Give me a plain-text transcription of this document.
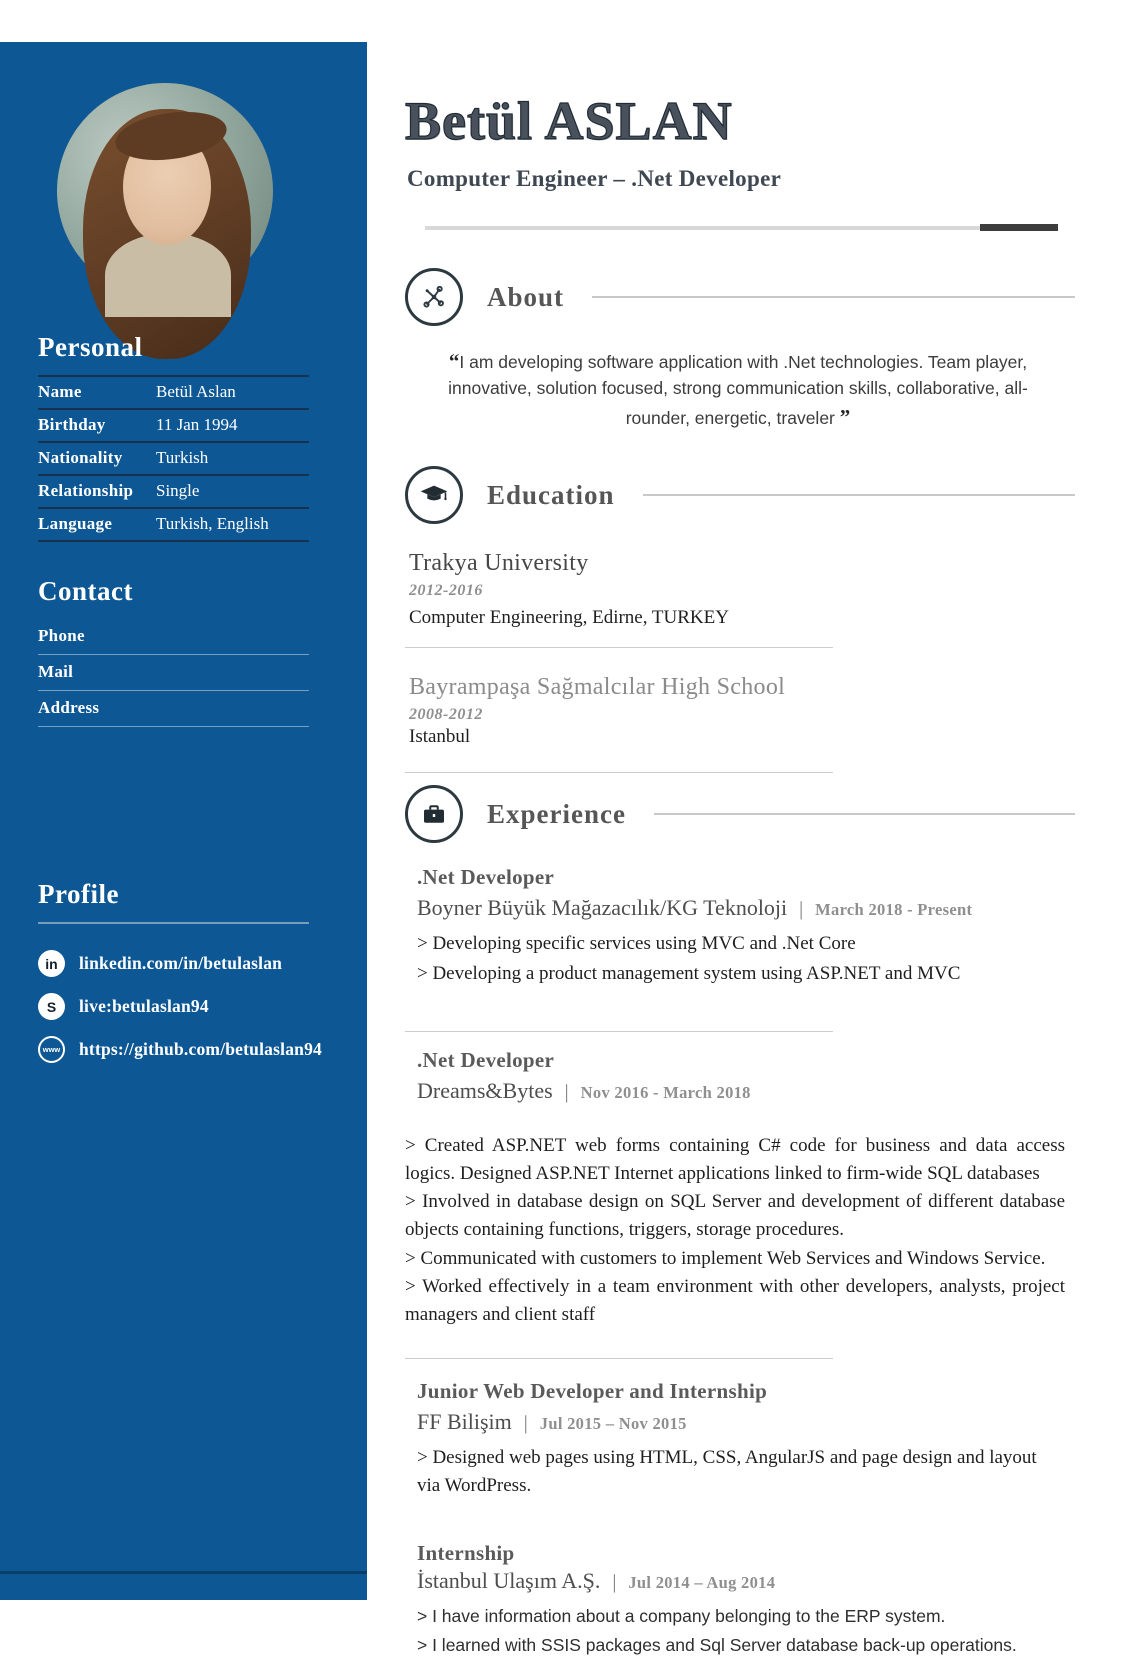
Personal
Name	Betül Aslan
Birthday	11 Jan 1994
Nationality	Turkish
Relationship	Single
Language	Turkish, English
Contact
Phone
Mail
Address
Profile
in	linkedin.com/in/betulaslan
S	live:betulaslan94
www https://github.com/betulaslan94
Betül ASLAN
Computer Engineer – .Net Developer
About
“I am developing software application with .Net technologies. Team player, innovative, solution focused, strong communication skills, collaborative, all-rounder, energetic, traveler ”
Education
Trakya University
2012-2016
Computer Engineering, Edirne, TURKEY
Bayrampaşa Sağmalcılar High School
2008-2012
Istanbul
Experience
.Net Developer
Boyner Büyük Mağazacılık/KG Teknoloji | March 2018 - Present

> Developing specific services using MVC and .Net Core

> Developing a product management system using ASP.NET and MVC

.Net Developer
Dreams&Bytes | Nov 2016 - March 2018

> Created ASP.NET web forms containing C# code for business and data access logics. Designed ASP.NET Internet applications linked to firm-wide SQL databases

> Involved in database design on SQL Server and development of different database objects containing functions, triggers, storage procedures.

> Communicated with customers to implement Web Services and Windows Service.

> Worked effectively in a team environment with other developers, analysts, project managers and client staff

Junior Web Developer and Internship
FF Bilişim | Jul 2015 – Nov 2015

> Designed web pages using HTML, CSS, AngularJS and page design and layout via WordPress.

Internship
İstanbul Ulaşım A.Ş. | Jul 2014 – Aug 2014

> I have information about a company belonging to the ERP system.

> I learned with SSIS packages and Sql Server database back-up operations.
